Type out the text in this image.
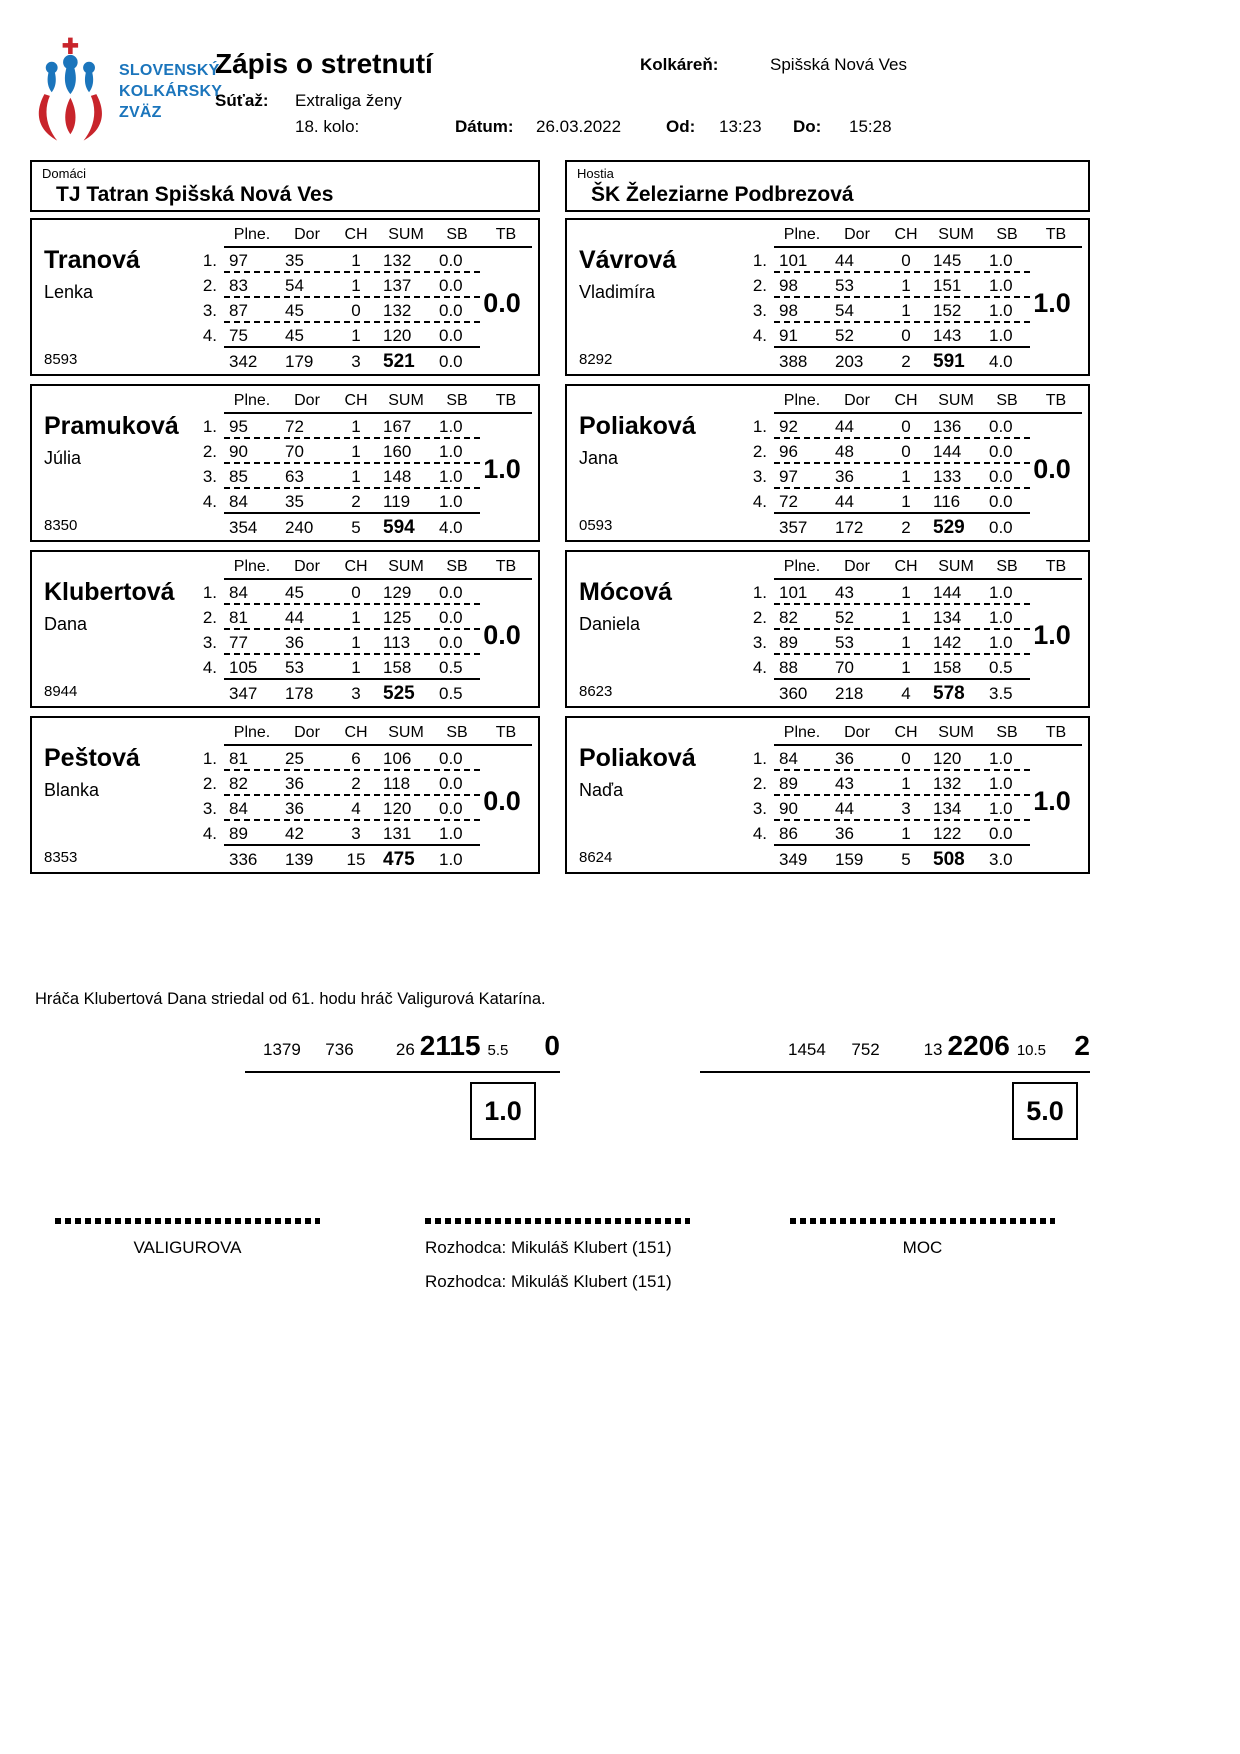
SLOVENSKÝ
KOLKÁRSKY
ZVÄZ
Zápis o stretnutí	Kolkáreň:	Spišská Nová Ves
Súťaž: Extraliga ženy
18. kolo:	Dátum: 26.03.2022	Od: 13:23 Do: 15:28
Domáci
TJ Tatran Spišská Nová Ves
Hostia
ŠK Železiarne Podbrezová
Tranová
Lenka
8593
Plne.	Dor	CH	SUM	SB	TB
1. 97	35	1	132	0.0
2. 83	54	1	137	0.0
3. 87	45	0	132	0.0
4. 75	45	1	120	0.0
342	179	3	521	0.0
0.0
Pramuková
Júlia
8350
Plne.	Dor	CH	SUM	SB	TB
1. 95	72	1	167	1.0
2. 90	70	1	160	1.0
3. 85	63	1	148	1.0
4. 84	35	2	119	1.0
354	240	5	594	4.0
1.0
Klubertová
Dana
8944
Plne.	Dor	CH	SUM	SB	TB
1. 84	45	0	129	0.0
2. 81	44	1	125	0.0
3. 77	36	1	113	0.0
4. 105	53	1	158	0.5
347	178	3	525	0.5
0.0
Peštová
Blanka
8353
Plne.	Dor	CH	SUM	SB	TB
1. 81	25	6	106	0.0
2. 82	36	2	118	0.0
3. 84	36	4	120	0.0
4. 89	42	3	131	1.0
336	139	15 475	1.0
0.0
Vávrová
Vladimíra
8292
Plne.	Dor	CH	SUM	SB	TB
1. 101	44	0	145	1.0
2. 98	53	1	151	1.0
3. 98	54	1	152	1.0
4. 91	52	0	143	1.0
388	203	2	591	4.0
1.0
Poliaková
Jana
0593
Plne.	Dor	CH	SUM	SB	TB
1. 92	44	0	136	0.0
2. 96	48	0	144	0.0
3. 97	36	1	133	0.0
4. 72	44	1	116	0.0
357	172	2	529	0.0
0.0
Mócová
Daniela
8623
Plne.	Dor	CH	SUM	SB	TB
1. 101	43	1	144	1.0
2. 82	52	1	134	1.0
3. 89	53	1	142	1.0
4. 88	70	1	158	0.5
360	218	4	578	3.5
1.0
Poliaková
Naďa
8624
Plne.	Dor	CH	SUM	SB	TB
1. 84	36	0	120	1.0
2. 89	43	1	132	1.0
3. 90	44	3	134	1.0
4. 86	36	1	122	0.0
349	159	5	508	3.0
1.0
Hráča Klubertová Dana striedal od 61. hodu hráč Valigurová Katarína.
1379	736	26 2115 5.5	0	1454	752	13 2206 10.5	2
1.0	5.0
VALIGUROVA	Rozhodca: Mikuláš Klubert (151)
Rozhodca: Mikuláš Klubert (151)
MOC
